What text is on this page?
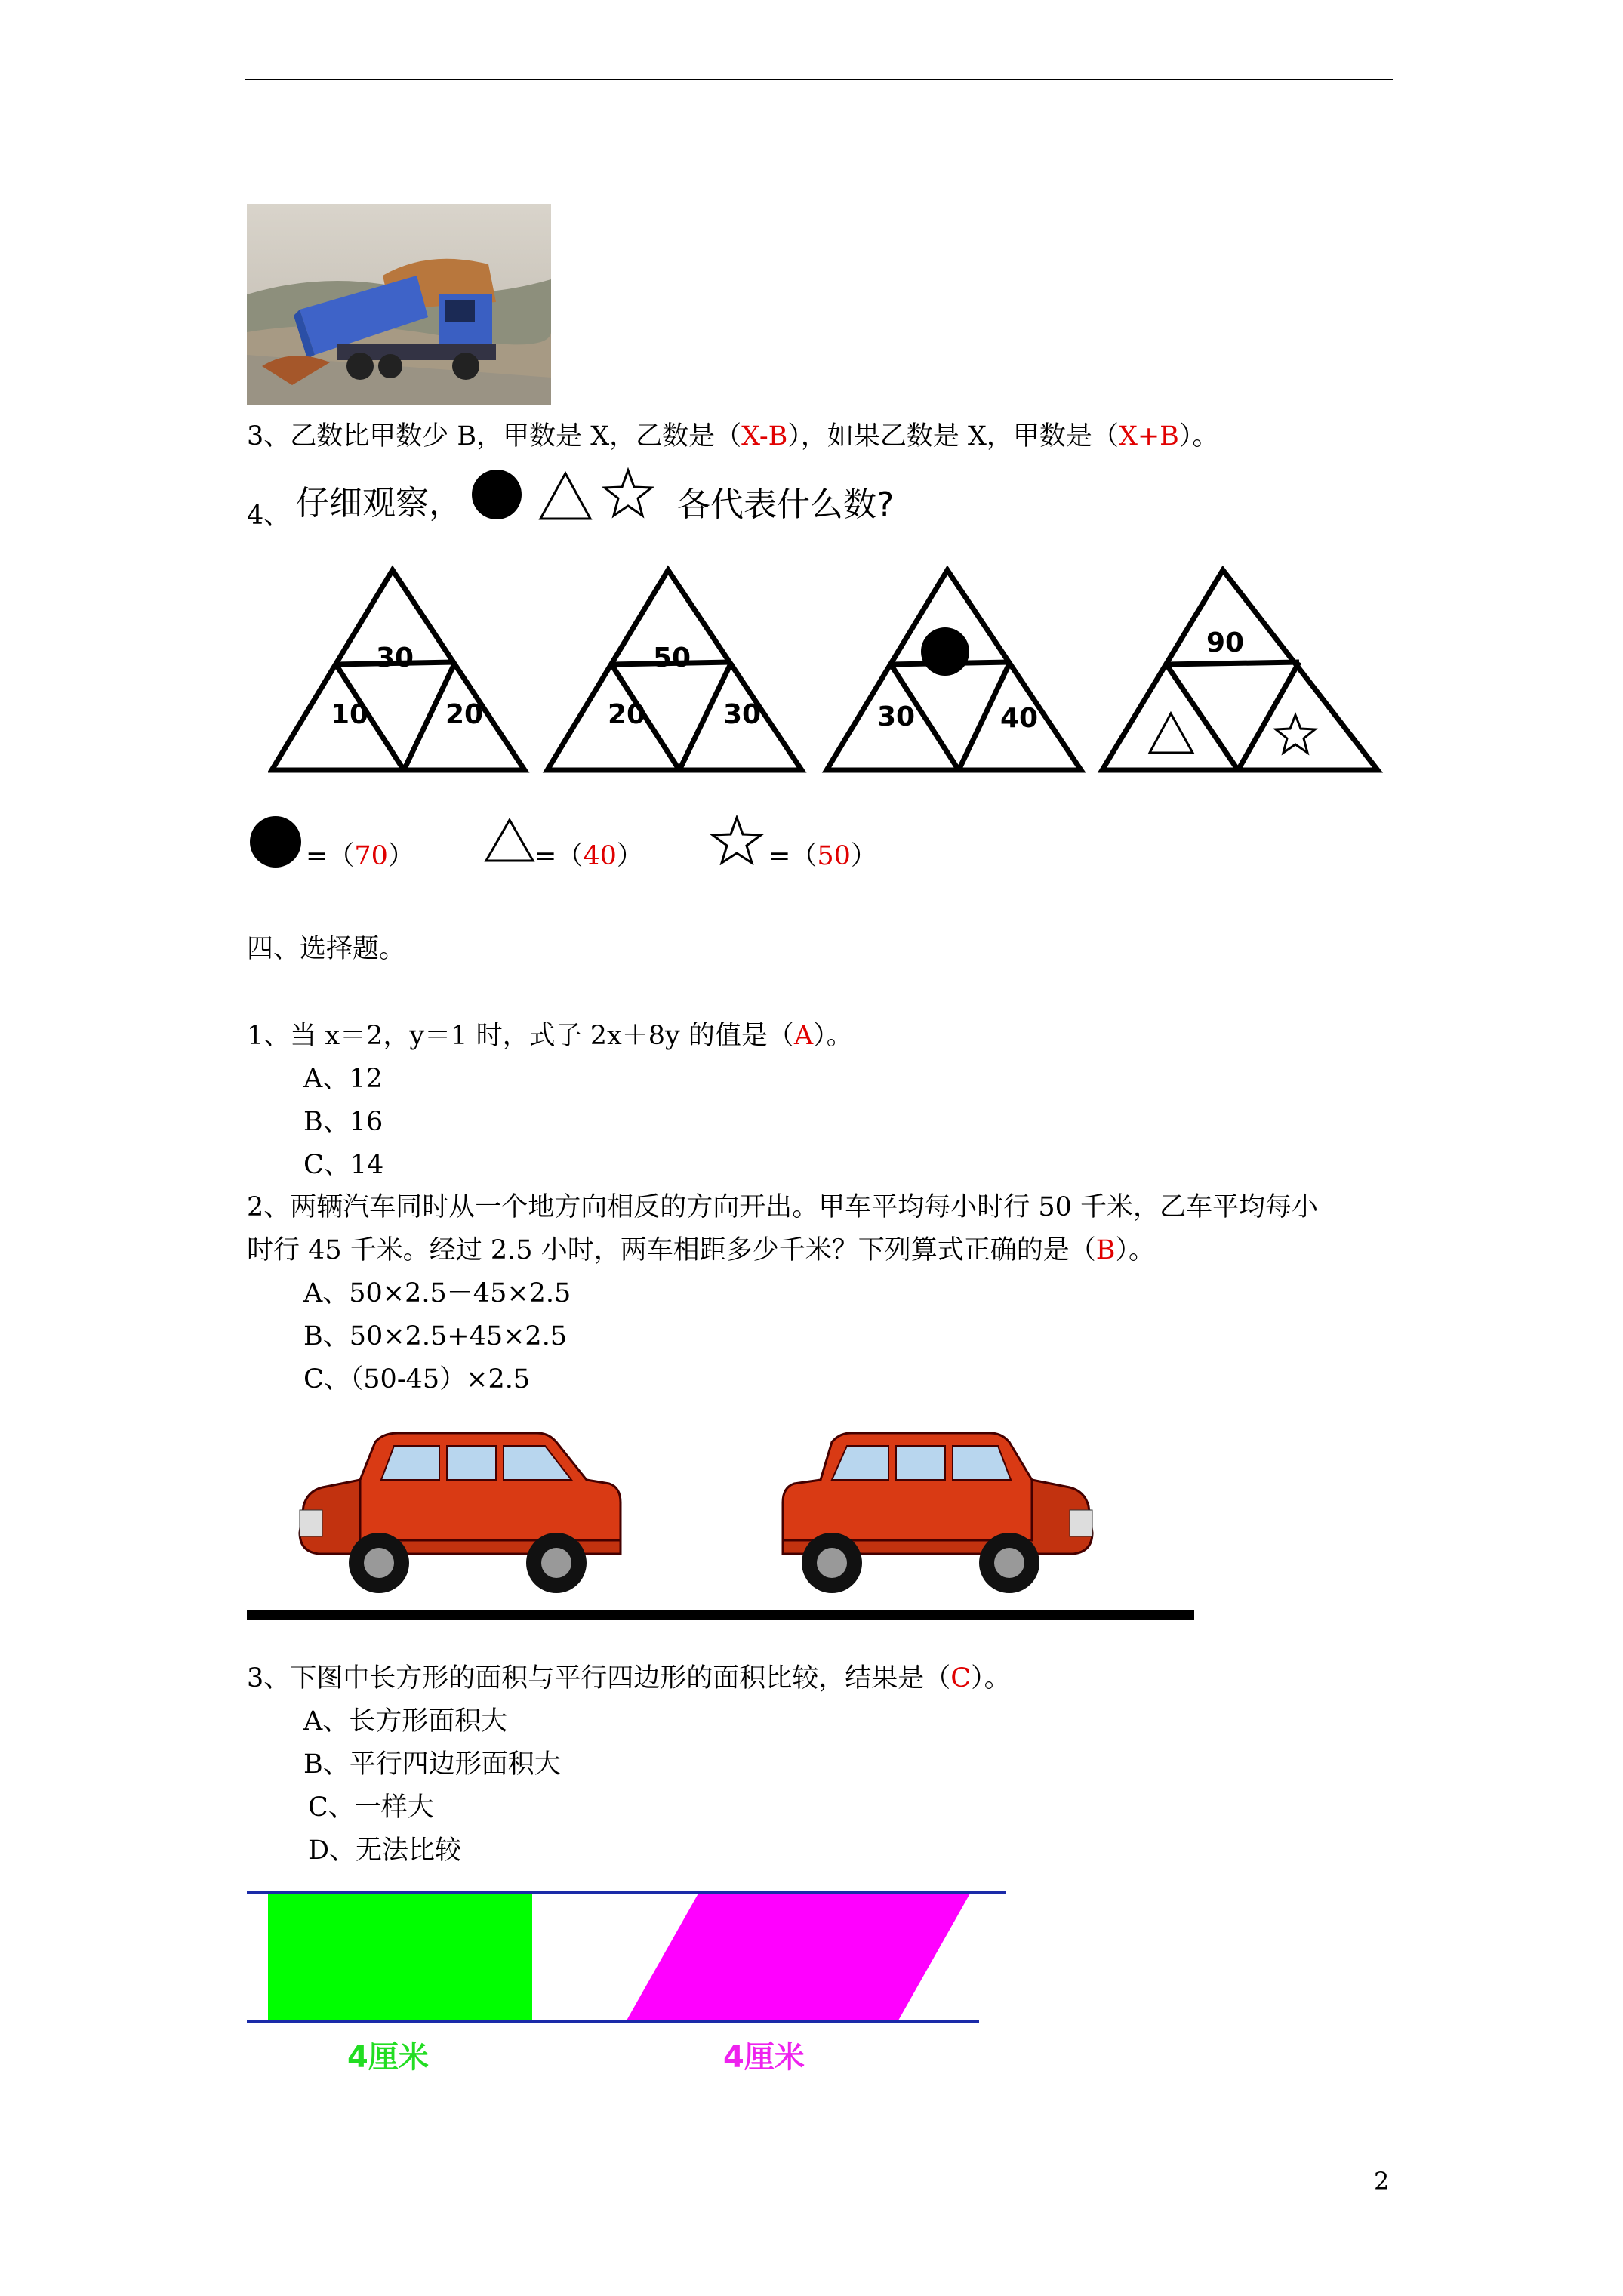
3、乙数比甲数少 B，甲数是 X，乙数是（X-B），如果乙数是 X，甲数是（X+B）。
4、 仔细观察，	各代表什么数?
30
10	20
50
20	30	30	40
90
=（70）	=（40）	=（50）
四、选择题。
1、当 x＝2，y＝1 时，式子 2x＋8y 的值是（A）。
A、12
B、16
C、14
2、两辆汽车同时从一个地方向相反的方向开出。甲车平均每小时行 50 千米，乙车平均每小
时行 45 千米。经过 2.5 小时，两车相距多少千米？下列算式正确的是（B）。
A、50×2.5－45×2.5
B、50×2.5+45×2.5
C、（50-45）×2.5
3、下图中长方形的面积与平行四边形的面积比较，结果是（C）。
A、长方形面积大
B、平行四边形面积大
C、一样大
D、无法比较
4厘米	4厘米
2
